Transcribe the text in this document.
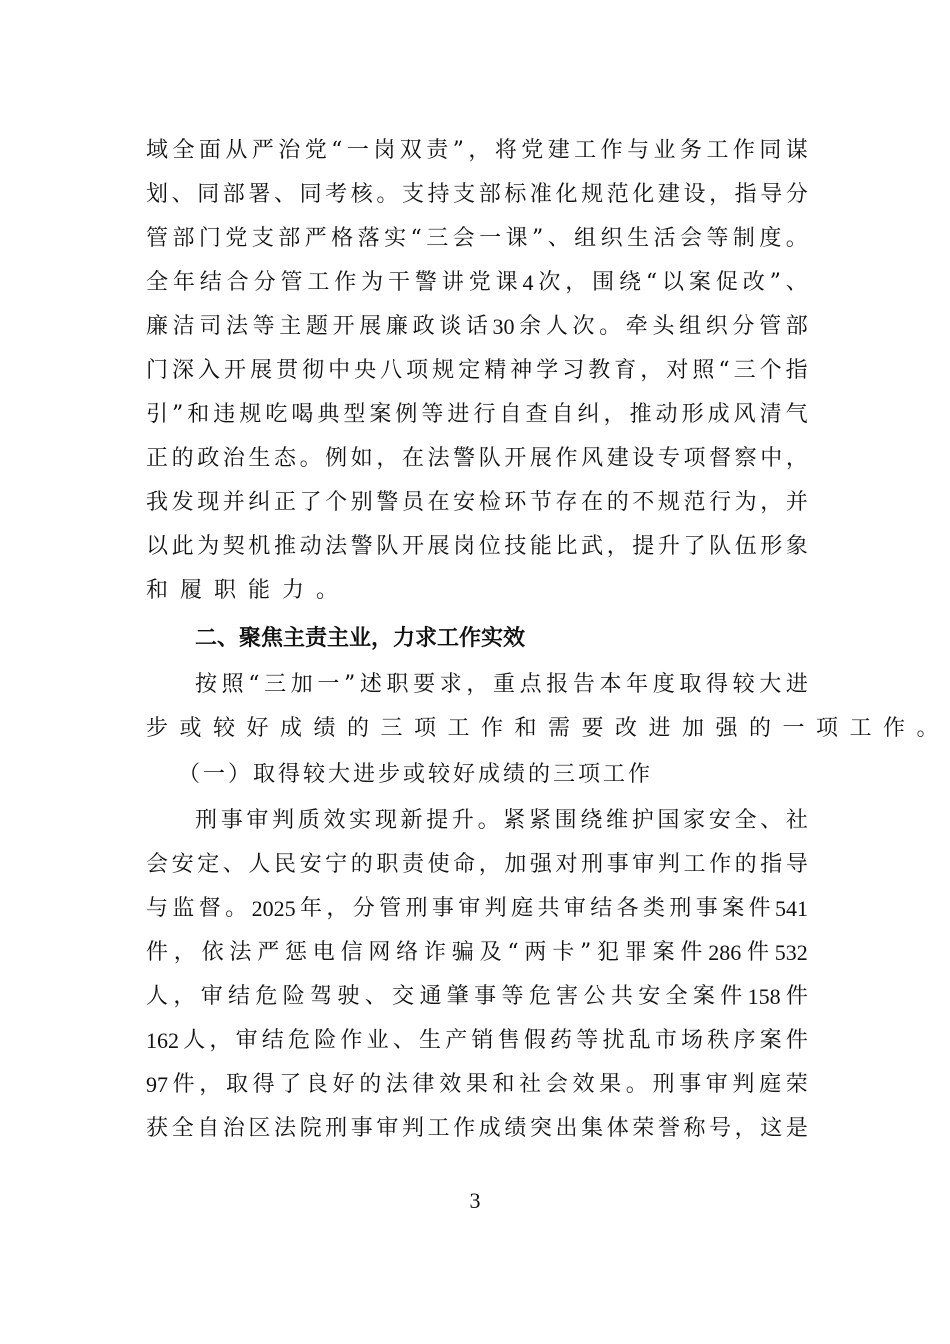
域 全 面 从 严 治 党 “ 一 岗 双 责 ” ， 将 党 建 工 作 与 业 务 工 作 同 谋
划 、 同 部 署 、 同 考 核 。 支 持 支 部 标 准 化 规 范 化 建 设 ， 指 导 分
管 部 门 党 支 部 严 格 落 实 “ 三 会 一 课 ” 、 组 织 生 活 会 等 制 度 。
全 年 结 合 分 管 工 作 为 干 警 讲 党 课 4 次 ， 围 绕 “ 以 案 促 改 ” 、
廉 洁 司 法 等 主 题 开 展 廉 政 谈 话 30 余 人 次 。 牵 头 组 织 分 管 部
门 深 入 开 展 贯 彻 中 央 八 项 规 定 精 神 学 习 教 育 ， 对 照 “ 三 个 指
引 ” 和 违 规 吃 喝 典 型 案 例 等 进 行 自 查 自 纠 ， 推 动 形 成 风 清 气
正 的 政 治 生 态 。 例 如 ， 在 法 警 队 开 展 作 风 建 设 专 项 督 察 中 ，
我 发 现 并 纠 正 了 个 别 警 员 在 安 检 环 节 存 在 的 不 规 范 行 为 ， 并
以 此 为 契 机 推 动 法 警 队 开 展 岗 位 技 能 比 武 ， 提 升 了 队 伍 形 象
和履职能力。
二、聚焦主责主业，力求工作实效
按 照 “ 三 加 一 ” 述 职 要 求 ， 重 点 报 告 本 年 度 取 得 较 大 进
步或较好成绩的三项工作和需要改进加强的一项工作。
（一）取得较大进步或较好成绩的三项工作
刑 事 审 判 质 效 实 现 新 提 升 。 紧 紧 围 绕 维 护 国 家 安 全 、 社
会 安 定 、 人 民 安 宁 的 职 责 使 命 ， 加 强 对 刑 事 审 判 工 作 的 指 导
与 监 督 。 2025 年 ， 分 管 刑 事 审 判 庭 共 审 结 各 类 刑 事 案 件 541
件 ， 依 法 严 惩 电 信 网 络 诈 骗 及 “ 两 卡 ” 犯 罪 案 件 286 件 532
人 ， 审 结 危 险 驾 驶 、 交 通 肇 事 等 危 害 公 共 安 全 案 件 158 件
162 人 ， 审 结 危 险 作 业 、 生 产 销 售 假 药 等 扰 乱 市 场 秩 序 案 件
97 件 ， 取 得 了 良 好 的 法 律 效 果 和 社 会 效 果 。 刑 事 审 判 庭 荣
获 全 自 治 区 法 院 刑 事 审 判 工 作 成 绩 突 出 集 体 荣 誉 称 号 ， 这 是
3
